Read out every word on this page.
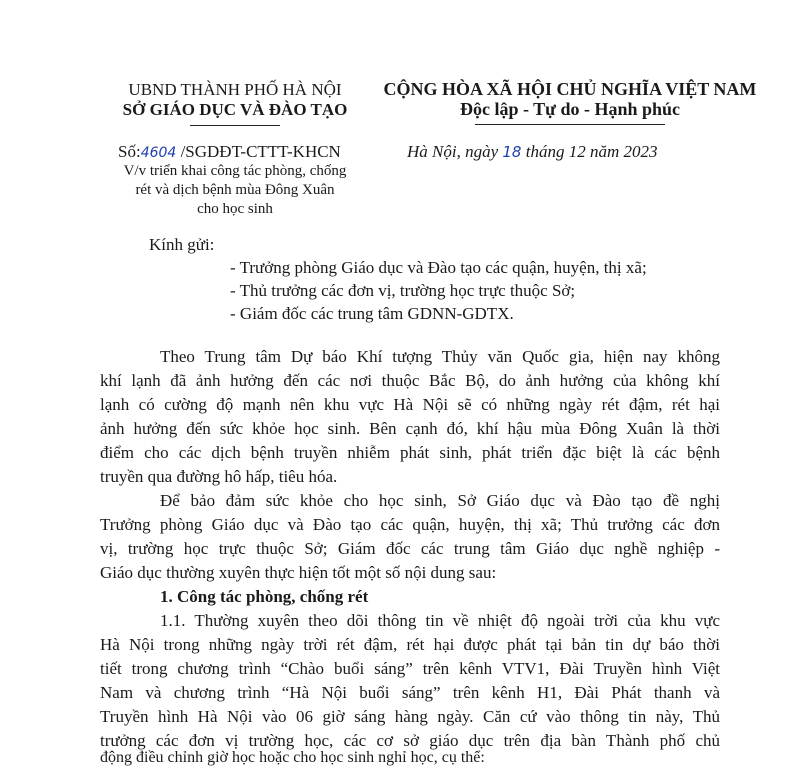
UBND THÀNH PHỐ HÀ NỘI
SỞ GIÁO DỤC VÀ ĐÀO TẠO
CỘNG HÒA XÃ HỘI CHỦ NGHĨA VIỆT NAM
Độc lập - Tự do - Hạnh phúc
Số:4604 /SGDĐT-CTTT-KHCN
V/v triển khai công tác phòng, chống
rét và dịch bệnh mùa Đông Xuân
cho học sinh
Hà Nội, ngày 18 tháng 12 năm 2023
Kính gửi:
- Trưởng phòng Giáo dục và Đào tạo các quận, huyện, thị xã;
- Thủ trưởng các đơn vị, trường học trực thuộc Sở;
- Giám đốc các trung tâm GDNN-GDTX.
Theo Trung tâm Dự báo Khí tượng Thủy văn Quốc gia, hiện nay không
khí lạnh đã ảnh hưởng đến các nơi thuộc Bắc Bộ, do ảnh hưởng của không khí
lạnh có cường độ mạnh nên khu vực Hà Nội sẽ có những ngày rét đậm, rét hại
ảnh hưởng đến sức khỏe học sinh. Bên cạnh đó, khí hậu mùa Đông Xuân là thời
điểm cho các dịch bệnh truyền nhiễm phát sinh, phát triển đặc biệt là các bệnh
truyền qua đường hô hấp, tiêu hóa.
Để bảo đảm sức khỏe cho học sinh, Sở Giáo dục và Đào tạo đề nghị
Trưởng phòng Giáo dục và Đào tạo các quận, huyện, thị xã; Thủ trưởng các đơn
vị, trường học trực thuộc Sở; Giám đốc các trung tâm Giáo dục nghề nghiệp -
Giáo dục thường xuyên thực hiện tốt một số nội dung sau:
1. Công tác phòng, chống rét
1.1. Thường xuyên theo dõi thông tin về nhiệt độ ngoài trời của khu vực
Hà Nội trong những ngày trời rét đậm, rét hại được phát tại bản tin dự báo thời
tiết trong chương trình “Chào buổi sáng” trên kênh VTV1, Đài Truyền hình Việt
Nam và chương trình “Hà Nội buổi sáng” trên kênh H1, Đài Phát thanh và
Truyền hình Hà Nội vào 06 giờ sáng hàng ngày. Căn cứ vào thông tin này, Thủ
trưởng các đơn vị trường học, các cơ sở giáo dục trên địa bàn Thành phố chủ
động điều chỉnh giờ học hoặc cho học sinh nghỉ học, cụ thể:
